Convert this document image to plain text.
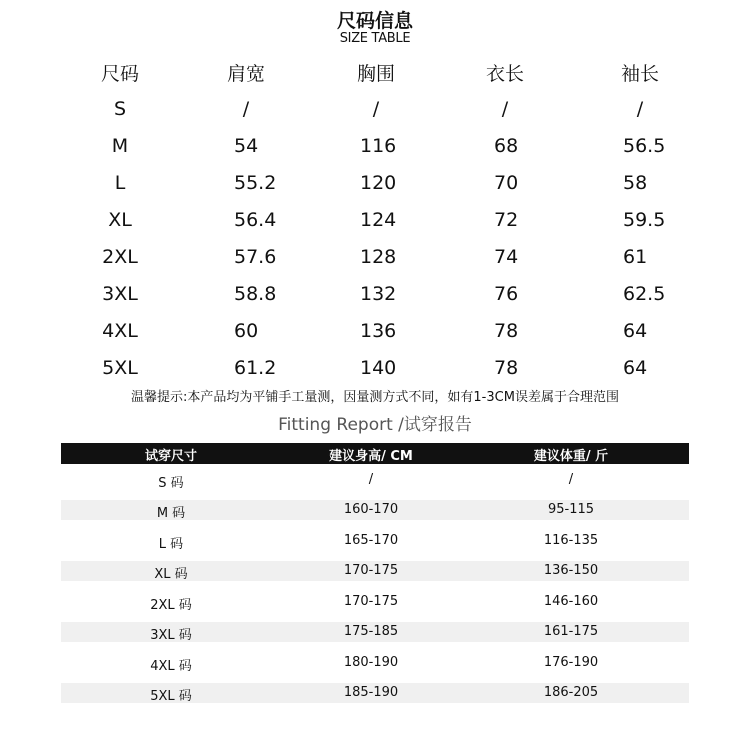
尺码信息
SIZE TABLE
尺码	肩宽	胸围	衣长	袖长
S	/	/	/	/
M	54	116	68	56.5
L	55.2	120	70	58
XL	56.4	124	72	59.5
2XL	57.6	128	74	61
3XL	58.8	132	76	62.5
4XL	60	136	78	64
5XL	61.2	140	78	64
温馨提示:本产品均为平铺手工量测，因量测方式不同，如有1-3CM误差属于合理范围
Fitting Report /试穿报告
试穿尺寸	建议身高/ CM	建议体重/ 斤
S 码	/	/
M 码	160-170	95-115
L 码	165-170	116-135
XL 码	170-175	136-150
2XL 码	170-175	146-160
3XL 码	175-185	161-175
4XL 码	180-190	176-190
5XL 码	185-190	186-205
